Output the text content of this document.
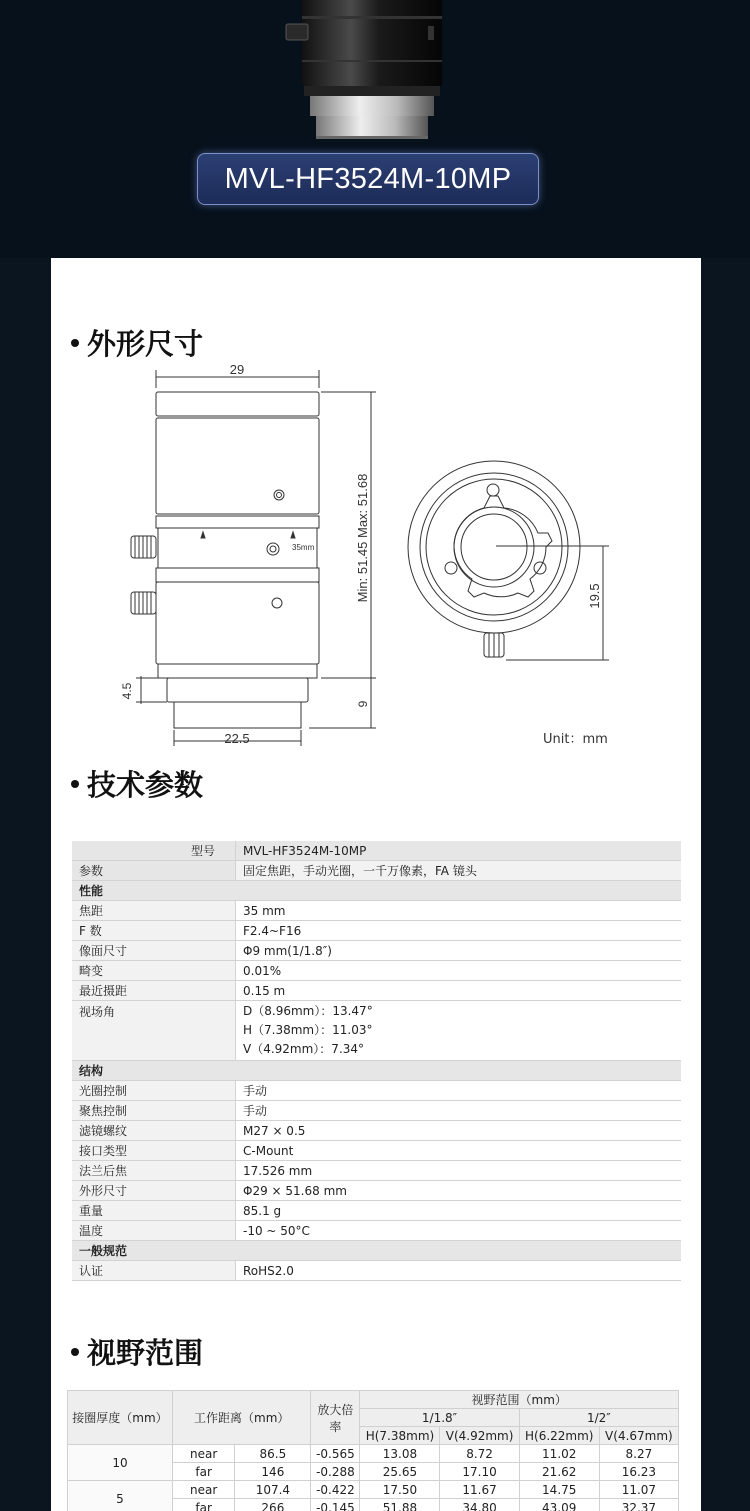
MVL-HF3524M-10MP
外形尺寸
29
Min: 51.45 Max: 51.68
35mm
4.5
9
22.5
19.5
Unit：mm
技术参数
型号	MVL-HF3524M-10MP
参数	固定焦距，手动光圈，一千万像素，FA 镜头
性能	
焦距	35 mm
F 数	F2.4~F16
像面尺寸	Φ9 mm(1/1.8″)
畸变	0.01%
最近摄距	0.15 m
视场角	D（8.96mm）：13.47°
H（7.38mm）：11.03°
V（4.92mm）：7.34°

结构	
光圈控制	手动
聚焦控制	手动
滤镜螺纹	M27 × 0.5
接口类型	C-Mount
法兰后焦	17.526 mm
外形尺寸	Φ29 × 51.68 mm
重量	85.1 g
温度	-10 ~ 50°C
一般规范	
认证	RoHS2.0
视野范围
接圈厚度（mm）	工作距离（mm）		放大倍率	视野范围（mm）			
				1/1.8″		1/2″	
				H(7.38mm)	V(4.92mm)	H(6.22mm)	V(4.67mm)
10	near	86.5	-0.565	13.08	8.72	11.02	8.27
	far	146	-0.288	25.65	17.10	21.62	16.23
5	near	107.4	-0.422	17.50	11.67	14.75	11.07
	far	266	-0.145	51.88	34.80	43.09	32.37
